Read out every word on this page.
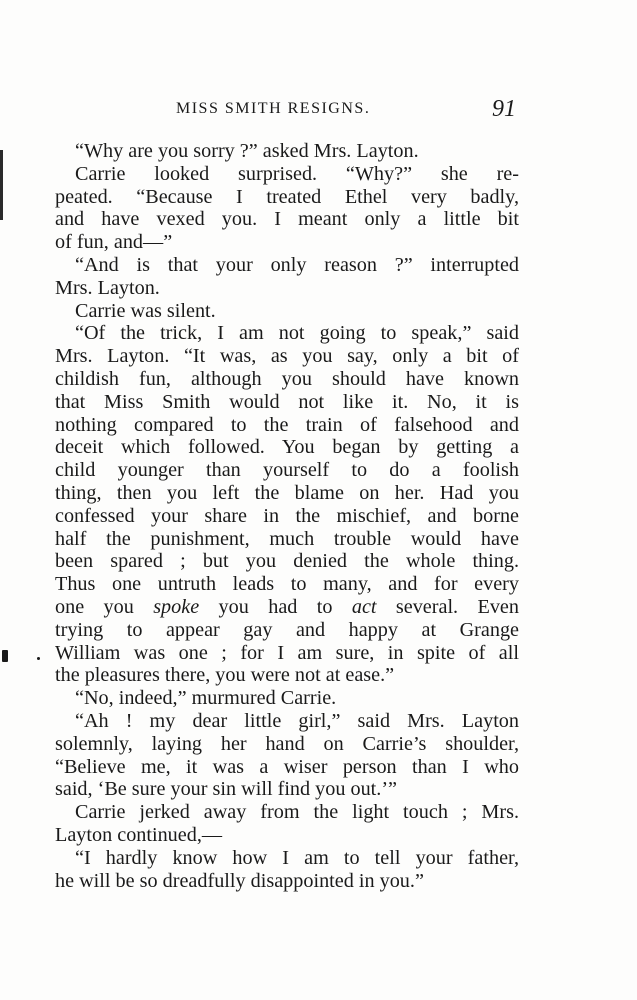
MISS SMITH RESIGNS.	91
“Why are you sorry ?” asked Mrs. Layton.
Carrie looked surprised. “Why?” she re-
peated. “Because I treated Ethel very badly,
and have vexed you. I meant only a little bit
of fun, and—”
“And is that your only reason ?” interrupted
Mrs. Layton.
Carrie was silent.
“Of the trick, I am not going to speak,” said
Mrs. Layton. “It was, as you say, only a bit of
childish fun, although you should have known
that Miss Smith would not like it. No, it is
nothing compared to the train of falsehood and
deceit which followed. You began by getting a
child younger than yourself to do a foolish
thing, then you left the blame on her. Had you
confessed your share in the mischief, and borne
half the punishment, much trouble would have
been spared ; but you denied the whole thing.
Thus one untruth leads to many, and for every
one you spoke you had to act several. Even
trying to appear gay and happy at Grange
William was one ; for I am sure, in spite of all
the pleasures there, you were not at ease.”
“No, indeed,” murmured Carrie.
“Ah ! my dear little girl,” said Mrs. Layton
solemnly, laying her hand on Carrie’s shoulder,
“Believe me, it was a wiser person than I who
said, ‘Be sure your sin will find you out.’”
Carrie jerked away from the light touch ; Mrs.
Layton continued,—
“I hardly know how I am to tell your father,
he will be so dreadfully disappointed in you.”
